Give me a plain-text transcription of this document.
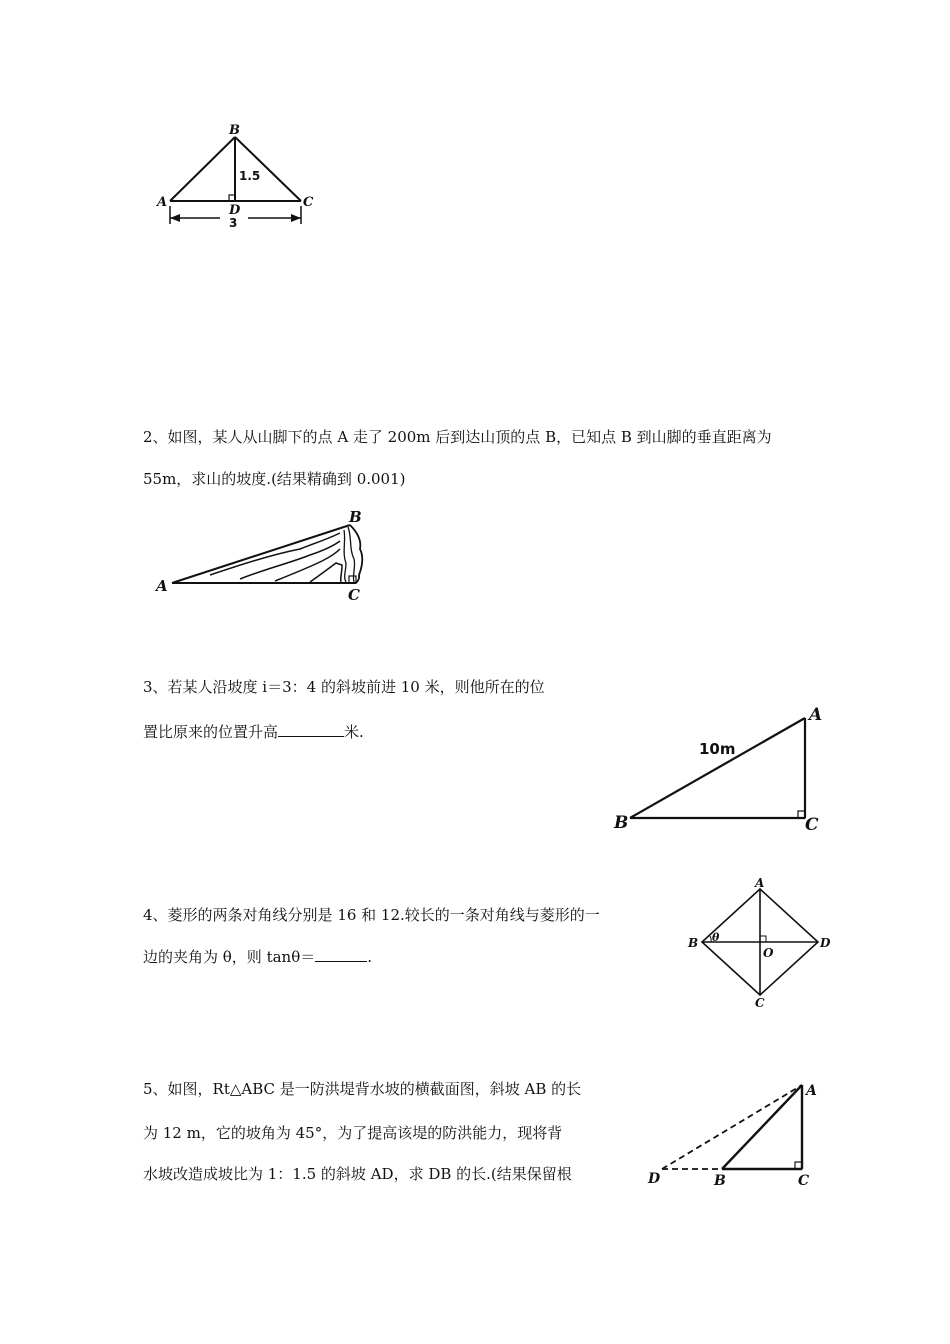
B
A
D
C
1.5
3
2、如图，某人从山脚下的点 A 走了 200m 后到达山顶的点 B，已知点 B 到山脚的垂直距离为
55m，求山的坡度.(结果精确到 0.001)
B
A	C
3、若某人沿坡度 i＝3：4 的斜坡前进 10 米，则他所在的位
置比原来的位置升高	米.
A
B	C
10m
4、菱形的两条对角线分别是 16 和 12.较长的一条对角线与菱形的一
边的夹角为 θ，则 tanθ＝	.
A
B	D
C
O
θ
5、如图，Rt△ABC 是一防洪堤背水坡的横截面图，斜坡 AB 的长
为 12 m，它的坡角为 45°，为了提高该堤的防洪能力，现将背
水坡改造成坡比为 1：1.5 的斜坡 AD，求 DB 的长.(结果保留根
A
D	B	C
